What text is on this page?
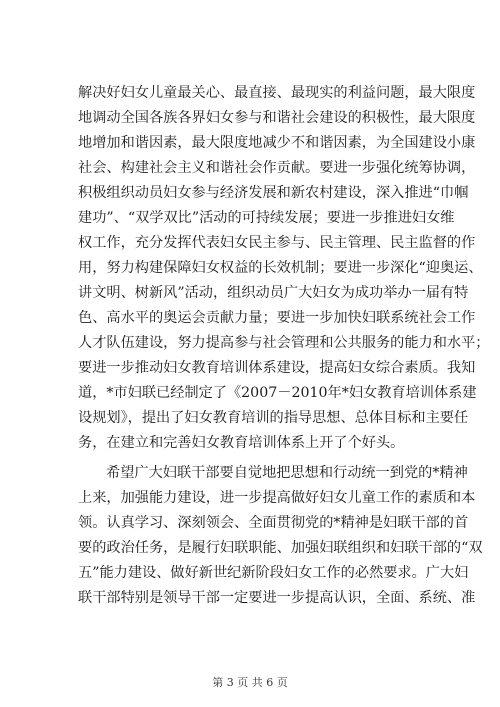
解决好妇女儿童最关心、最直接、最现实的利益问题，最大限度
地调动全国各族各界妇女参与和谐社会建设的积极性，最大限度
地增加和谐因素，最大限度地减少不和谐因素，为全国建设小康
社会、构建社会主义和谐社会作贡献。要进一步强化统筹协调，
积极组织动员妇女参与经济发展和新农村建设，深入推进“巾帼
建功”、“双学双比”活动的可持续发展；要进一步推进妇女维
权工作，充分发挥代表妇女民主参与、民主管理、民主监督的作
用，努力构建保障妇女权益的长效机制；要进一步深化“迎奥运、
讲文明、树新风”活动，组织动员广大妇女为成功举办一届有特
色、高水平的奥运会贡献力量；要进一步加快妇联系统社会工作
人才队伍建设，努力提高参与社会管理和公共服务的能力和水平；
要进一步推动妇女教育培训体系建设，提高妇女综合素质。我知
道，*市妇联已经制定了《2007－2010年*妇女教育培训体系建
设规划》，提出了妇女教育培训的指导思想、总体目标和主要任
务，在建立和完善妇女教育培训体系上开了个好头。
希望广大妇联干部要自觉地把思想和行动统一到党的*精神
上来，加强能力建设，进一步提高做好妇女儿童工作的素质和本
领。认真学习、深刻领会、全面贯彻党的*精神是妇联干部的首
要的政治任务，是履行妇联职能、加强妇联组织和妇联干部的“双
五”能力建设、做好新世纪新阶段妇女工作的必然要求。广大妇
联干部特别是领导干部一定要进一步提高认识，全面、系统、准
第 3 页 共 6 页
